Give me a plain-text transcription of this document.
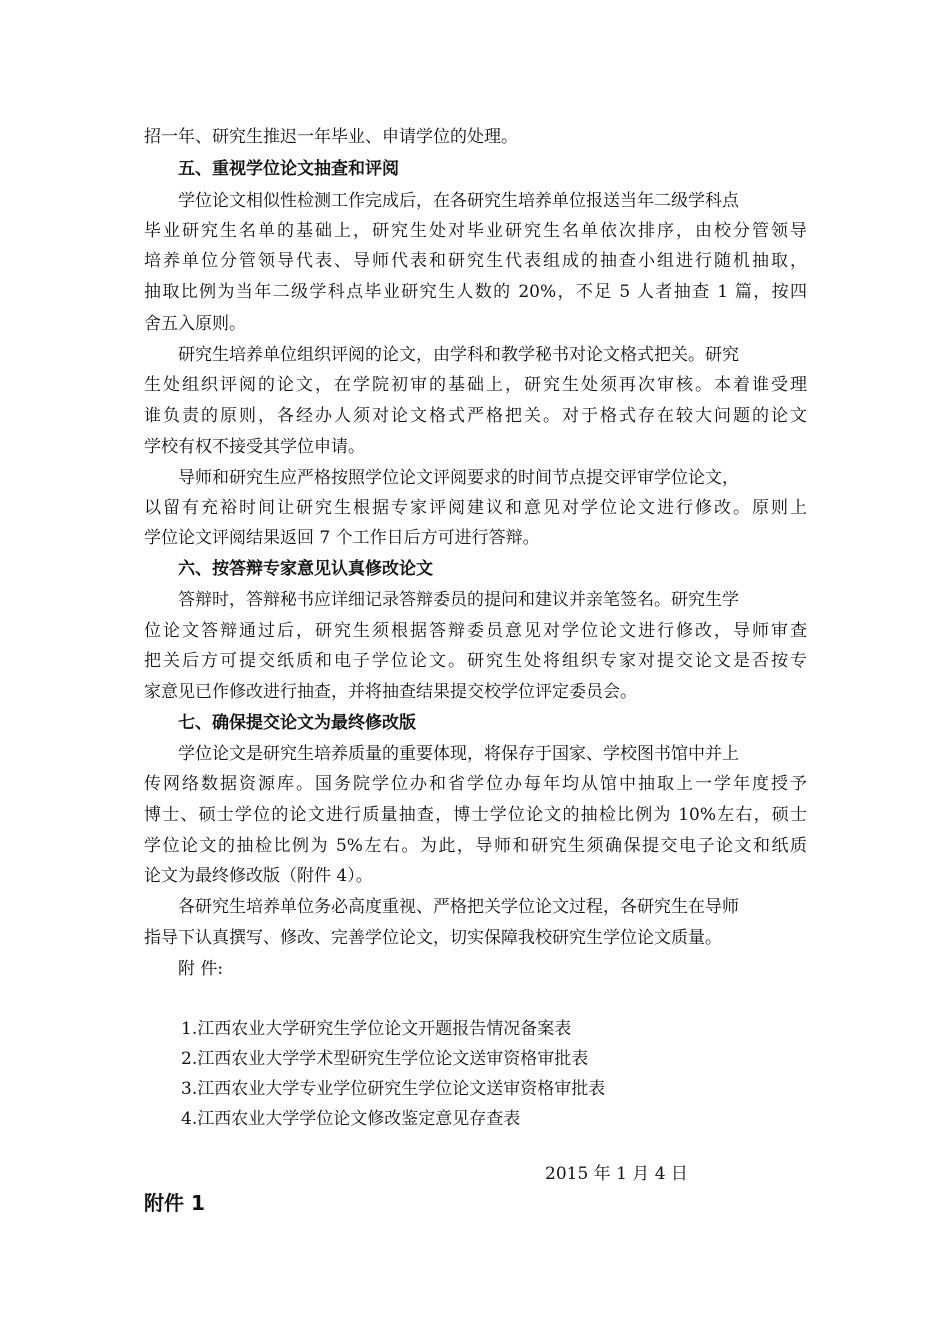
招一年、研究生推迟一年毕业、申请学位的处理。
五、重视学位论文抽查和评阅
学位论文相似性检测工作完成后，在各研究生培养单位报送当年二级学科点
毕业研究生名单的基础上，研究生处对毕业研究生名单依次排序，由校分管领导
培养单位分管领导代表、导师代表和研究生代表组成的抽查小组进行随机抽取，
抽取比例为当年二级学科点毕业研究生人数的 20%，不足 5 人者抽查 1 篇，按四
舍五入原则。
研究生培养单位组织评阅的论文，由学科和教学秘书对论文格式把关。研究
生处组织评阅的论文，在学院初审的基础上，研究生处须再次审核。本着谁受理
谁负责的原则，各经办人须对论文格式严格把关。对于格式存在较大问题的论文
学校有权不接受其学位申请。
导师和研究生应严格按照学位论文评阅要求的时间节点提交评审学位论文，
以留有充裕时间让研究生根据专家评阅建议和意见对学位论文进行修改。原则上
学位论文评阅结果返回 7 个工作日后方可进行答辩。
六、按答辩专家意见认真修改论文
答辩时，答辩秘书应详细记录答辩委员的提问和建议并亲笔签名。研究生学
位论文答辩通过后，研究生须根据答辩委员意见对学位论文进行修改，导师审查
把关后方可提交纸质和电子学位论文。研究生处将组织专家对提交论文是否按专
家意见已作修改进行抽查，并将抽查结果提交校学位评定委员会。
七、确保提交论文为最终修改版
学位论文是研究生培养质量的重要体现，将保存于国家、学校图书馆中并上
传网络数据资源库。国务院学位办和省学位办每年均从馆中抽取上一学年度授予
博士、硕士学位的论文进行质量抽查，博士学位论文的抽检比例为 10%左右，硕士
学位论文的抽检比例为 5%左右。为此，导师和研究生须确保提交电子论文和纸质
论文为最终修改版（附件 4）。
各研究生培养单位务必高度重视、严格把关学位论文过程，各研究生在导师
指导下认真撰写、修改、完善学位论文，切实保障我校研究生学位论文质量。
附 件:
1.江西农业大学研究生学位论文开题报告情况备案表
2.江西农业大学学术型研究生学位论文送审资格审批表
3.江西农业大学专业学位研究生学位论文送审资格审批表
4.江西农业大学学位论文修改鉴定意见存查表
2015 年 1 月 4 日
附件 1
